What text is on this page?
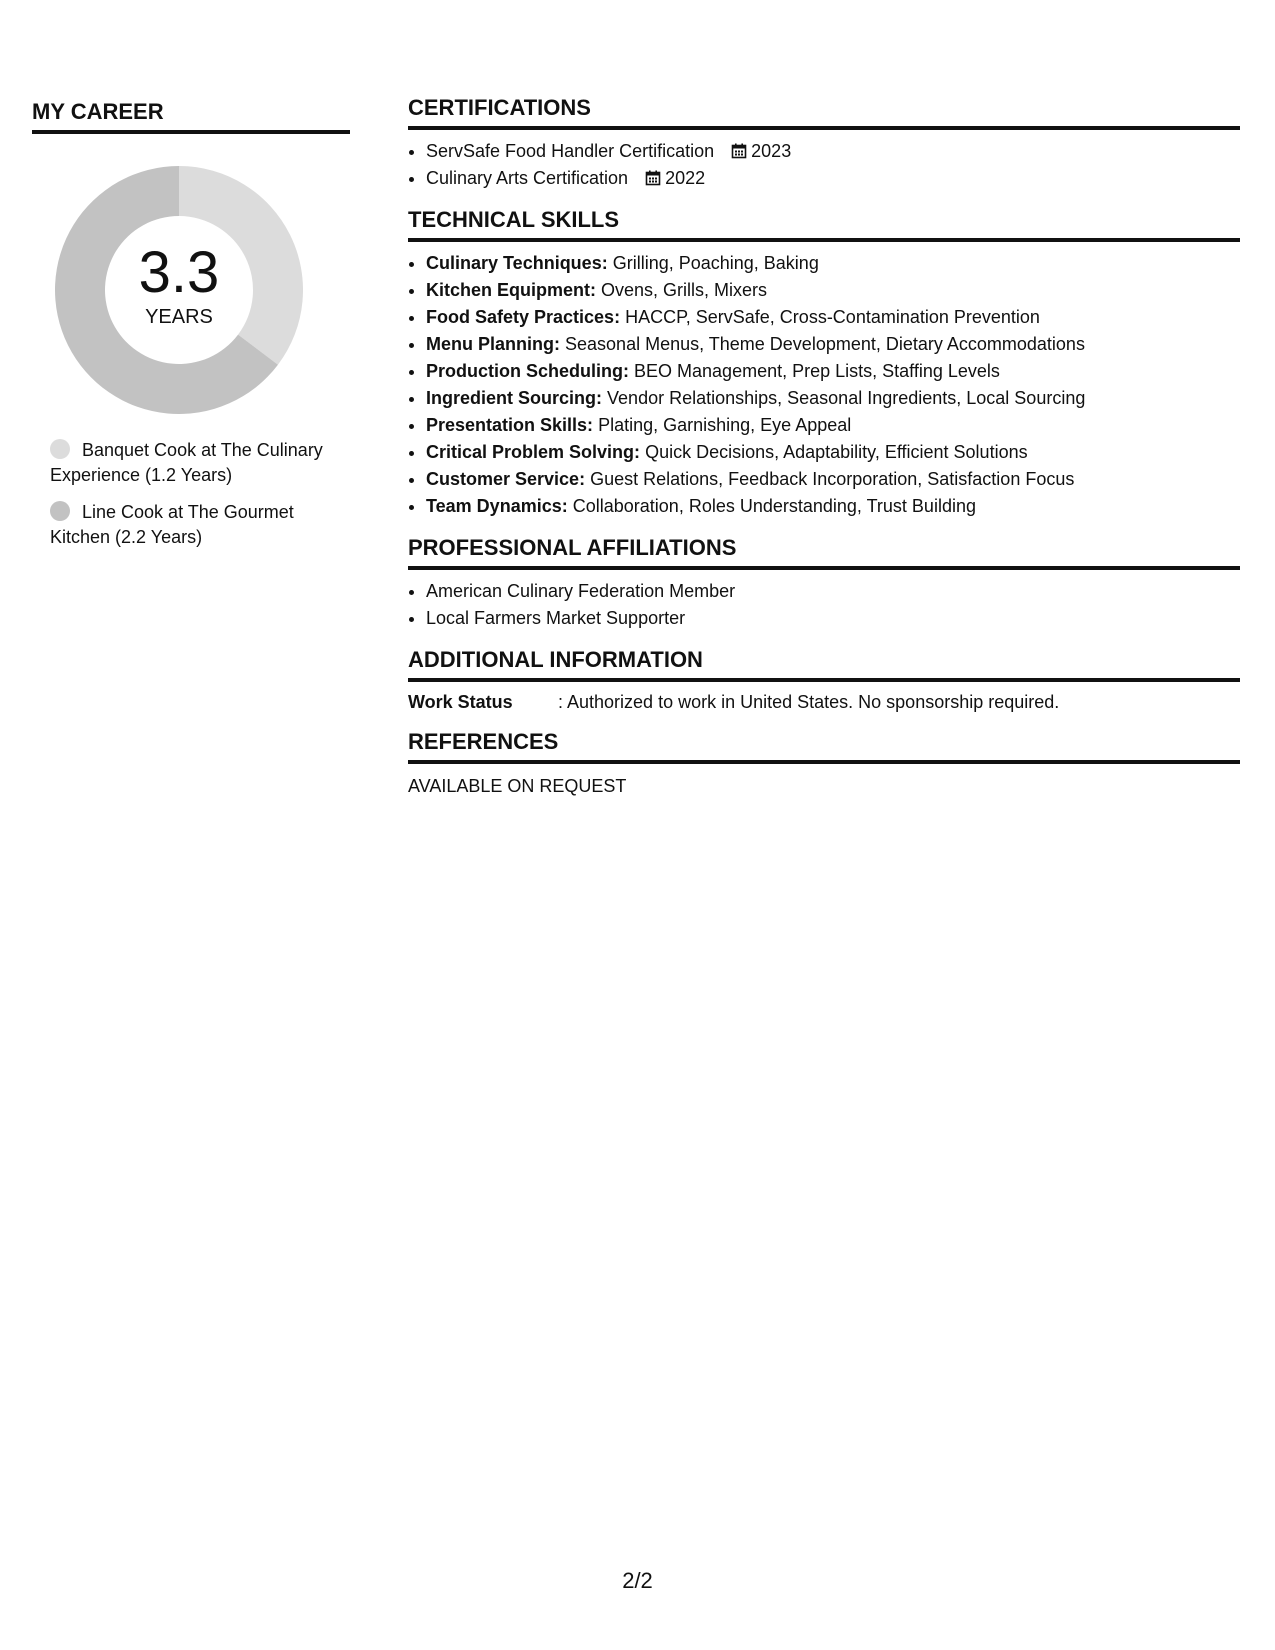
MY CAREER
3.3
YEARS
Banquet Cook at The Culinary Experience (1.2 Years)
Line Cook at The Gourmet Kitchen (2.2 Years)
CERTIFICATIONS
• ServSafe Food Handler Certification 2023
• Culinary Arts Certification 2022
TECHNICAL SKILLS
• Culinary Techniques: Grilling, Poaching, Baking
• Kitchen Equipment: Ovens, Grills, Mixers
• Food Safety Practices: HACCP, ServSafe, Cross-Contamination Prevention
• Menu Planning: Seasonal Menus, Theme Development, Dietary Accommodations
• Production Scheduling: BEO Management, Prep Lists, Staffing Levels
• Ingredient Sourcing: Vendor Relationships, Seasonal Ingredients, Local Sourcing
• Presentation Skills: Plating, Garnishing, Eye Appeal
• Critical Problem Solving: Quick Decisions, Adaptability, Efficient Solutions
• Customer Service: Guest Relations, Feedback Incorporation, Satisfaction Focus
• Team Dynamics: Collaboration, Roles Understanding, Trust Building
PROFESSIONAL AFFILIATIONS
• American Culinary Federation Member
• Local Farmers Market Supporter
ADDITIONAL INFORMATION
Work Status	: Authorized to work in United States. No sponsorship required.
REFERENCES
AVAILABLE ON REQUEST
2/2
